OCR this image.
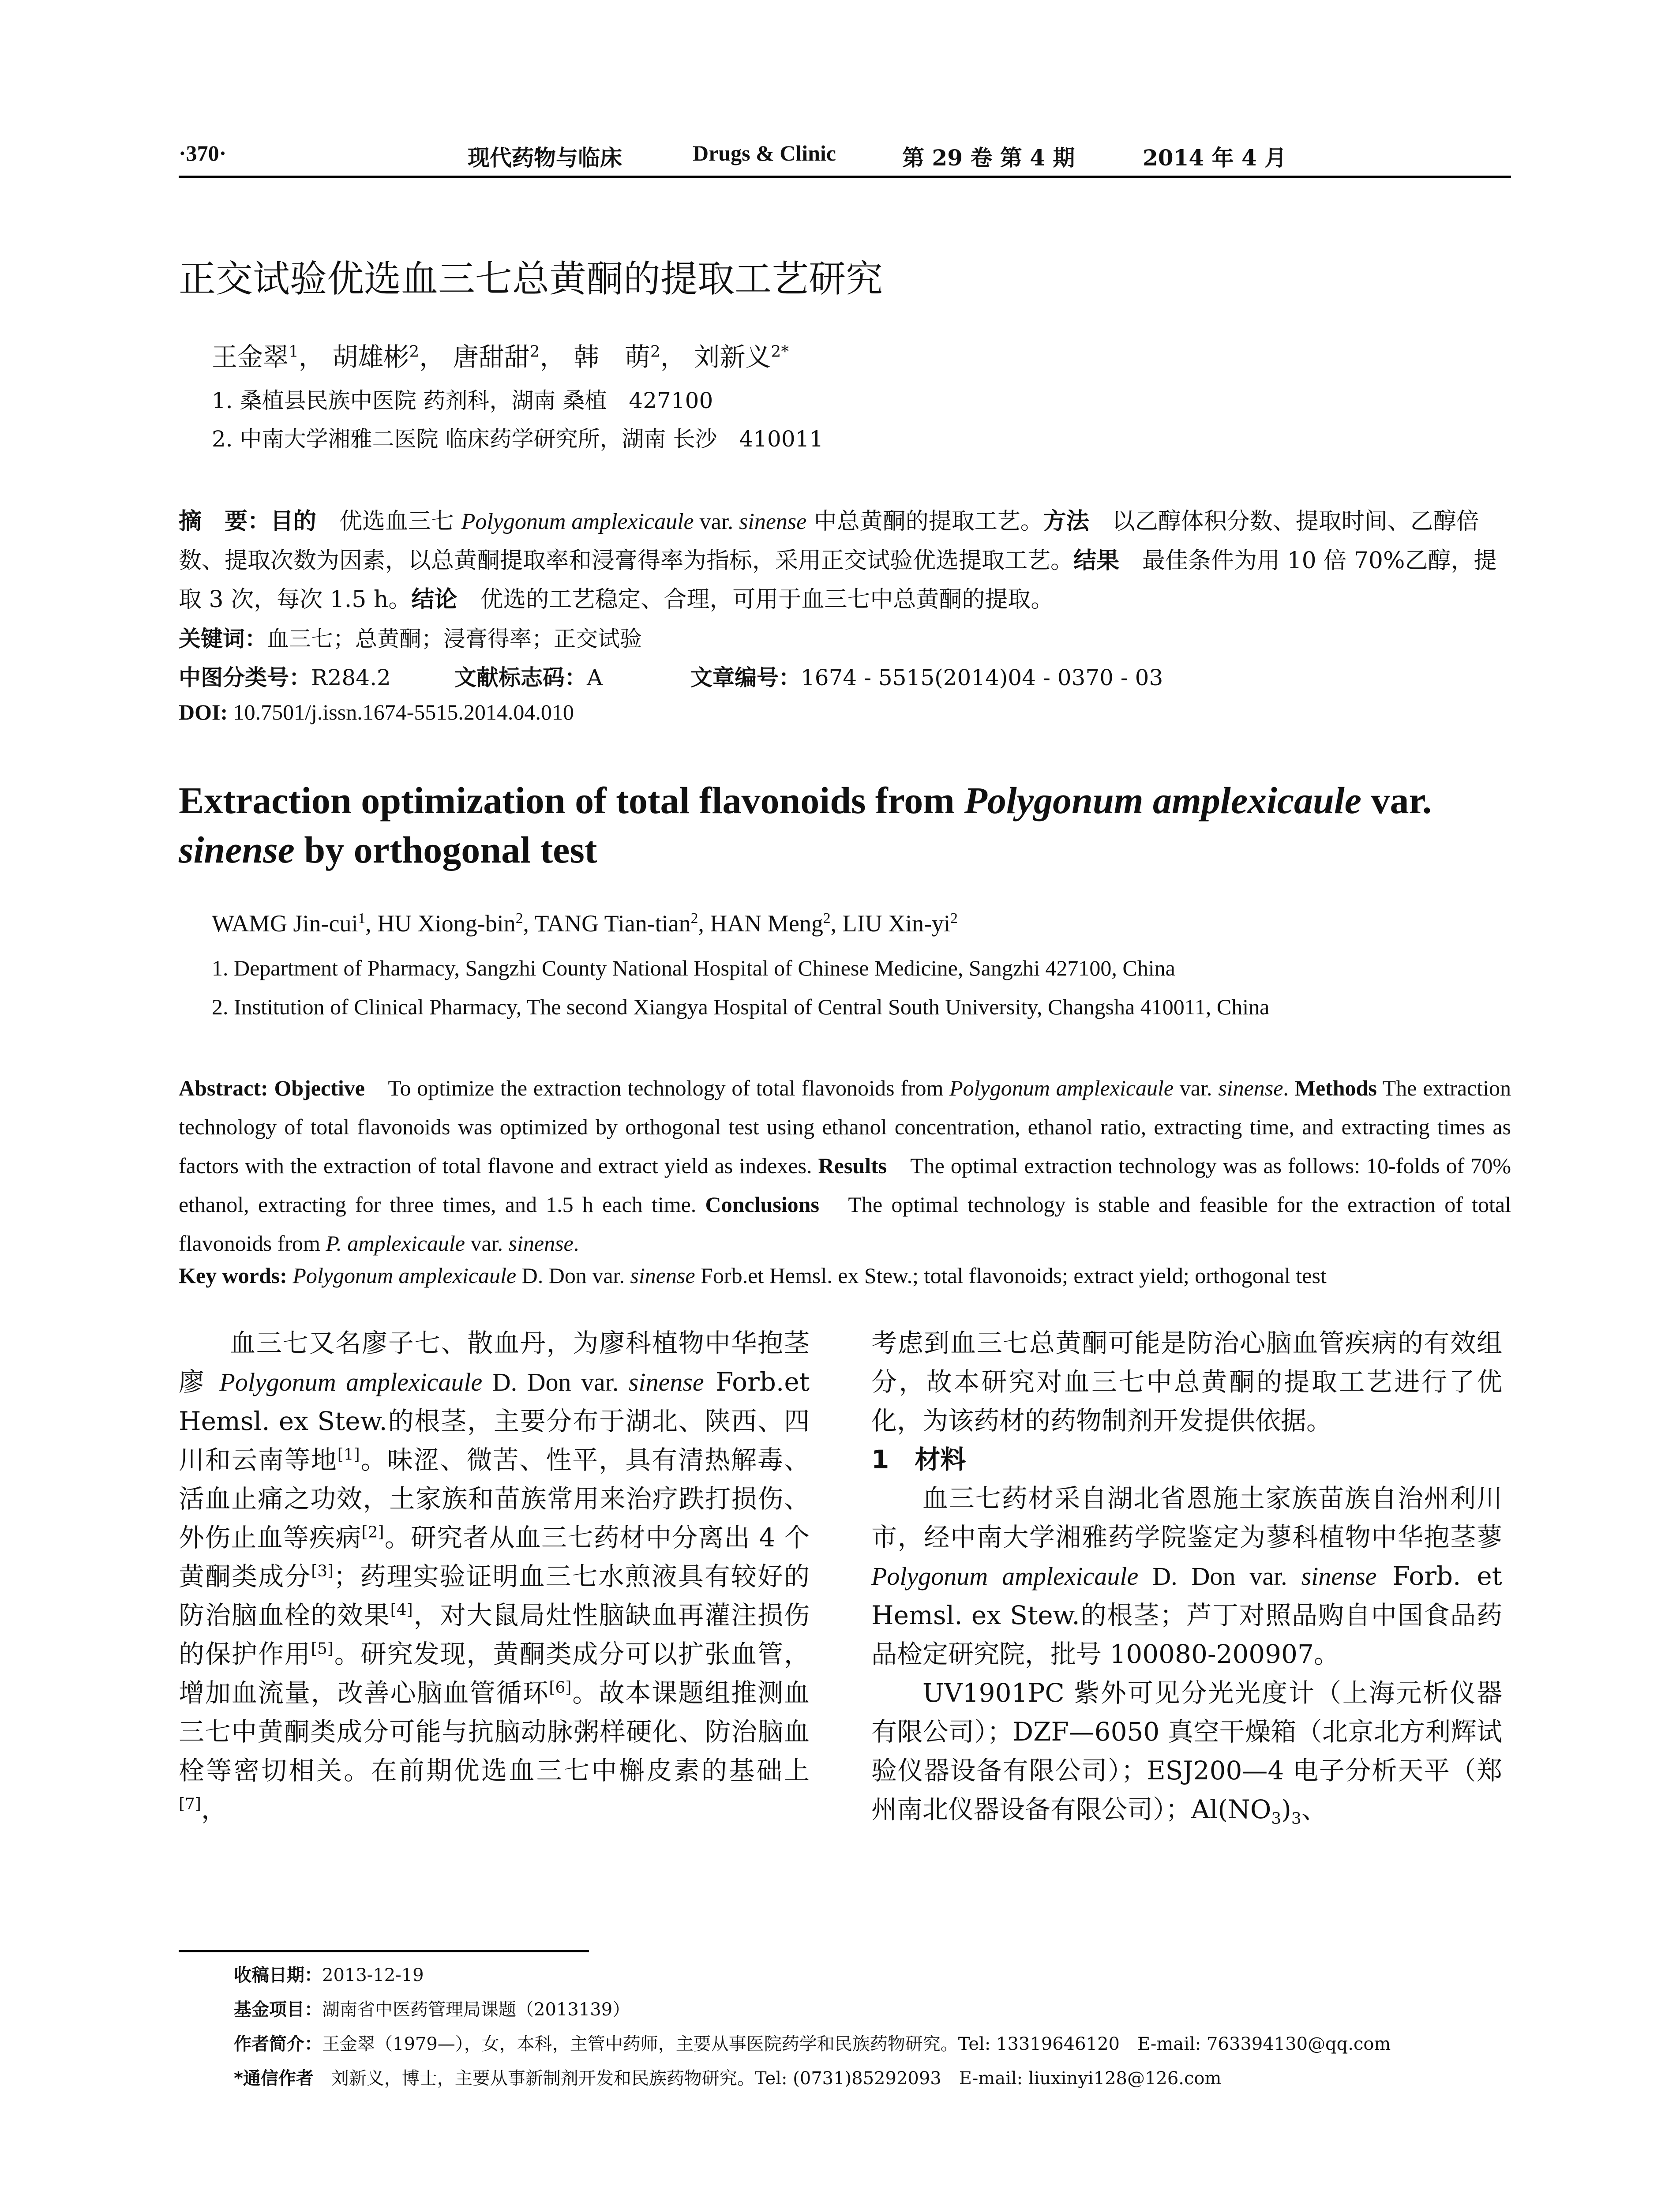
·370·	现代药物与临床	Drugs & Clinic	第 29 卷 第 4 期	2014 年 4 月
正交试验优选血三七总黄酮的提取工艺研究
王金翠$^1$， 胡雄彬$^2$， 唐甜甜$^2$， 韩　萌$^2$， 刘新义$^{2*}$
1. 桑植县民族中医院 药剂科，湖南 桑植　427100
2. 中南大学湘雅二医院 临床药学研究所，湖南 长沙　410011
摘　要：目的　优选血三七 Polygonum amplexicaule var. sinense 中总黄酮的提取工艺。方法　以乙醇体积分数、提取时间、乙醇倍数、提取次数为因素，以总黄酮提取率和浸膏得率为指标，采用正交试验优选提取工艺。结果　最佳条件为用 10 倍 70%乙醇，提取 3 次，每次 1.5 h。结论　优选的工艺稳定、合理，可用于血三七中总黄酮的提取。
关键词：血三七；总黄酮；浸膏得率；正交试验
中图分类号：R284.2	文献标志码：A	文章编号：1674 - 5515(2014)04 - 0370 - 03
DOI: 10.7501/j.issn.1674-5515.2014.04.010
Extraction optimization of total flavonoids from Polygonum amplexicaule var.
sinense by orthogonal test
WAMG Jin-cui$^1$, HU Xiong-bin$^2$, TANG Tian-tian$^2$, HAN Meng$^2$, LIU Xin-$yi^2$
1. Department of Pharmacy, Sangzhi County National Hospital of Chinese Medicine, Sangzhi 427100, China
2. Institution of Clinical Pharmacy, The second Xiangya Hospital of Central South University, Changsha 410011, China
Abstract: Objective　To optimize the extraction technology of total flavonoids from Polygonum amplexicaule var. sinense. Methods The extraction technology of total flavonoids was optimized by orthogonal test using ethanol concentration, ethanol ratio, extracting time, and extracting times as factors with the extraction of total flavone and extract yield as indexes. Results　The optimal extraction technology was as follows: 10-folds of 70% ethanol, extracting for three times, and 1.5 h each time. Conclusions　The optimal technology is stable and feasible for the extraction of total flavonoids from P. amplexicaule var. sinense.
Key words: Polygonum amplexicaule D. Don var. sinense Forb.et Hemsl. ex Stew.; total flavonoids; extract yield; orthogonal test

血三七又名廖子七、散血丹，为廖科植物中华抱茎廖 Polygonum amplexicaule D. Don var. sinense Forb.et Hemsl. ex Stew.的根茎，主要分布于湖北、陕西、四川和云南等地[1]。味涩、微苦、性平，具有清热解毒、活血止痛之功效，土家族和苗族常用来治疗跌打损伤、外伤止血等疾病[2]。研究者从血三七药材中分离出 4 个黄酮类成分[3]；药理实验证明血三七水煎液具有较好的防治脑血栓的效果[4]，对大鼠局灶性脑缺血再灌注损伤的保护作用[5]。研究发现，黄酮类成分可以扩张血管，增加血流量，改善心脑血管循环[6]。故本课题组推测血三七中黄酮类成分可能与抗脑动脉粥样硬化、防治脑血栓等密切相关。在前期优选血三七中槲皮素的基础上[7]，

考虑到血三七总黄酮可能是防治心脑血管疾病的有效组分，故本研究对血三七中总黄酮的提取工艺进行了优化，为该药材的药物制剂开发提供依据。

1　材料

血三七药材采自湖北省恩施土家族苗族自治州利川市，经中南大学湘雅药学院鉴定为蓼科植物中华抱茎蓼 Polygonum amplexicaule D. Don var. sinense Forb. et Hemsl. ex Stew.的根茎；芦丁对照品购自中国食品药品检定研究院，批号 100080-200907。

UV1901PC 紫外可见分光光度计（上海元析仪器有限公司）；DZF—6050 真空干燥箱（北京北方利辉试验仪器设备有限公司）；ESJ200—4 电子分析天平（郑州南北仪器设备有限公司）；$Al(NO_3)_3$、

收稿日期：2013-12-19
基金项目：湖南省中医药管理局课题（2013139）
作者简介：王金翠（1979—），女，本科，主管中药师，主要从事医院药学和民族药物研究。Tel: 13319646120　E-mail: 763394130@qq.com
*通信作者　刘新义，博士，主要从事新制剂开发和民族药物研究。Tel: (0731)85292093　E-mail: liuxinyi128@126.com
